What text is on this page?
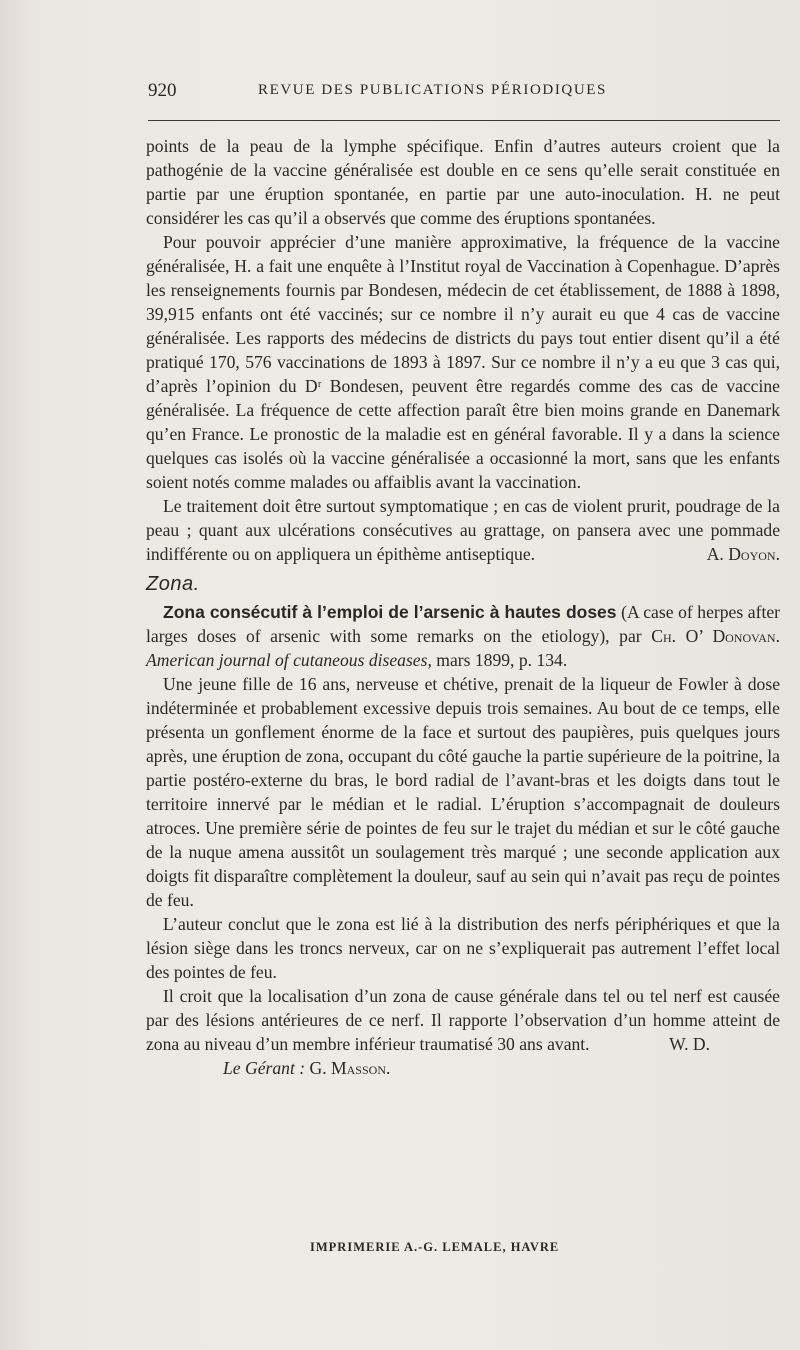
920	REVUE DES PUBLICATIONS PÉRIODIQUES

points de la peau de la lymphe spécifique. Enfin d’autres auteurs croient que la pathogénie de la vaccine généralisée est double en ce sens qu’elle serait constituée en partie par une éruption spontanée, en partie par une auto-inoculation. H. ne peut considérer les cas qu’il a observés que comme des éruptions spontanées.

Pour pouvoir apprécier d’une manière approximative, la fréquence de la vaccine généralisée, H. a fait une enquête à l’Institut royal de Vaccination à Copenhague. D’après les renseignements fournis par Bondesen, médecin de cet établissement, de 1888 à 1898, 39,915 enfants ont été vaccinés; sur ce nombre il n’y aurait eu que 4 cas de vaccine généralisée. Les rapports des médecins de districts du pays tout entier disent qu’il a été pratiqué 170, 576 vaccinations de 1893 à 1897. Sur ce nombre il n’y a eu que 3 cas qui, d’après l’opinion du Dʳ Bondesen, peuvent être regardés comme des cas de vaccine généralisée. La fréquence de cette affection paraît être bien moins grande en Danemark qu’en France. Le pronostic de la maladie est en général favorable. Il y a dans la science quelques cas isolés où la vaccine généralisée a occasionné la mort, sans que les enfants soient notés comme malades ou affaiblis avant la vaccination.

Le traitement doit être surtout symptomatique ; en cas de violent prurit, poudrage de la peau ; quant aux ulcérations consécutives au grattage, on pansera avec une pommade indifférente ou on appliquera un épithème antiseptique.	A. Doyon.

Zona.

Zona consécutif à l’emploi de l’arsenic à hautes doses (A case of herpes after larges doses of arsenic with some remarks on the etiology), par Ch. O’ Donovan. American journal of cutaneous diseases, mars 1899, p. 134.

Une jeune fille de 16 ans, nerveuse et chétive, prenait de la liqueur de Fowler à dose indéterminée et probablement excessive depuis trois semaines. Au bout de ce temps, elle présenta un gonflement énorme de la face et surtout des paupières, puis quelques jours après, une éruption de zona, occupant du côté gauche la partie supérieure de la poitrine, la partie postéro-externe du bras, le bord radial de l’avant-bras et les doigts dans tout le territoire innervé par le médian et le radial. L’éruption s’accompagnait de douleurs atroces. Une première série de pointes de feu sur le trajet du médian et sur le côté gauche de la nuque amena aussitôt un soulagement très marqué ; une seconde application aux doigts fit disparaître complètement la douleur, sauf au sein qui n’avait pas reçu de pointes de feu.

L’auteur conclut que le zona est lié à la distribution des nerfs périphériques et que la lésion siège dans les troncs nerveux, car on ne s’expliquerait pas autrement l’effet local des pointes de feu.

Il croit que la localisation d’un zona de cause générale dans tel ou tel nerf est causée par des lésions antérieures de ce nerf. Il rapporte l’observation d’un homme atteint de zona au niveau d’un membre inférieur traumatisé 30 ans avant.	W. D.

Le Gérant : G. Masson.

IMPRIMERIE A.-G. LEMALE, HAVRE
